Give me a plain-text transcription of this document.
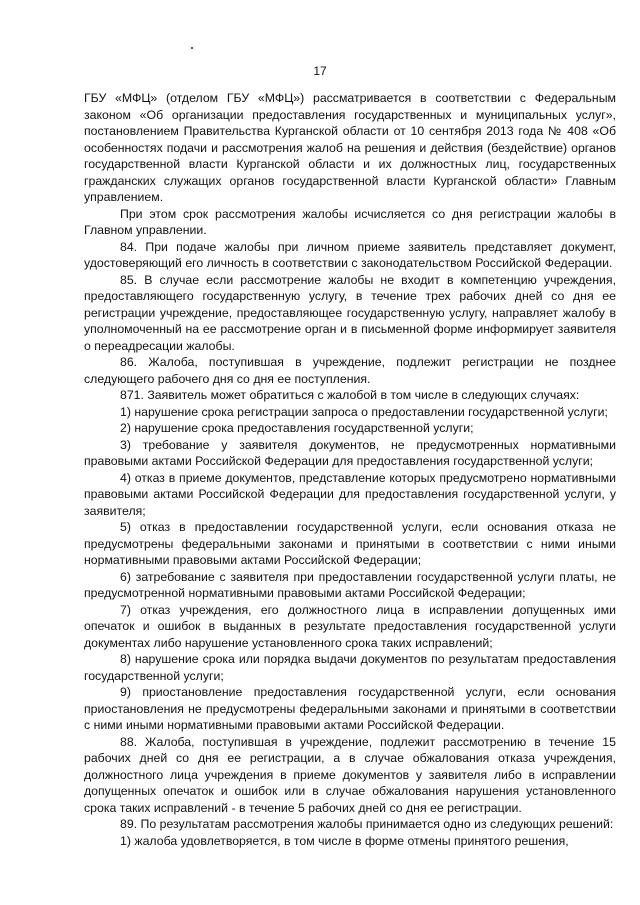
17

ГБУ «МФЦ» (отделом ГБУ «МФЦ») рассматривается в соответствии с Федеральным законом «Об организации предоставления государственных и муниципальных услуг», постановлением Правительства Курганской области от 10 сентября 2013 года № 408 «Об особенностях подачи и рассмотрения жалоб на решения и действия (бездействие) органов государственной власти Курганской области и их должностных лиц, государственных гражданских служащих органов государственной власти Курганской области» Главным управлением.

При этом срок рассмотрения жалобы исчисляется со дня регистрации жалобы в Главном управлении.

84. При подаче жалобы при личном приеме заявитель представляет документ, удостоверяющий его личность в соответствии с законодательством Российской Федерации.

85. В случае если рассмотрение жалобы не входит в компетенцию учреждения, предоставляющего государственную услугу, в течение трех рабочих дней со дня ее регистрации учреждение, предоставляющее государственную услугу, направляет жалобу в уполномоченный на ее рассмотрение орган и в письменной форме информирует заявителя о переадресации жалобы.

86. Жалоба, поступившая в учреждение, подлежит регистрации не позднее следующего рабочего дня со дня ее поступления.

871. Заявитель может обратиться с жалобой в том числе в следующих случаях:

1) нарушение срока регистрации запроса о предоставлении государственной услуги;

2) нарушение срока предоставления государственной услуги;

3) требование у заявителя документов, не предусмотренных нормативными правовыми актами Российской Федерации для предоставления государственной услуги;

4) отказ в приеме документов, представление которых предусмотрено нормативными правовыми актами Российской Федерации для предоставления государственной услуги, у заявителя;

5) отказ в предоставлении государственной услуги, если основания отказа не предусмотрены федеральными законами и принятыми в соответствии с ними иными нормативными правовыми актами Российской Федерации;

6) затребование с заявителя при предоставлении государственной услуги платы, не предусмотренной нормативными правовыми актами Российской Федерации;

7) отказ учреждения, его должностного лица в исправлении допущенных ими опечаток и ошибок в выданных в результате предоставления государственной услуги документах либо нарушение установленного срока таких исправлений;

8) нарушение срока или порядка выдачи документов по результатам предоставления государственной услуги;

9) приостановление предоставления государственной услуги, если основания приостановления не предусмотрены федеральными законами и принятыми в соответствии с ними иными нормативными правовыми актами Российской Федерации.

88. Жалоба, поступившая в учреждение, подлежит рассмотрению в течение 15 рабочих дней со дня ее регистрации, а в случае обжалования отказа учреждения, должностного лица учреждения в приеме документов у заявителя либо в исправлении допущенных опечаток и ошибок или в случае обжалования нарушения установленного срока таких исправлений - в течение 5 рабочих дней со дня ее регистрации.

89. По результатам рассмотрения жалобы принимается одно из следующих решений:

1) жалоба удовлетворяется, в том числе в форме отмены принятого решения,
